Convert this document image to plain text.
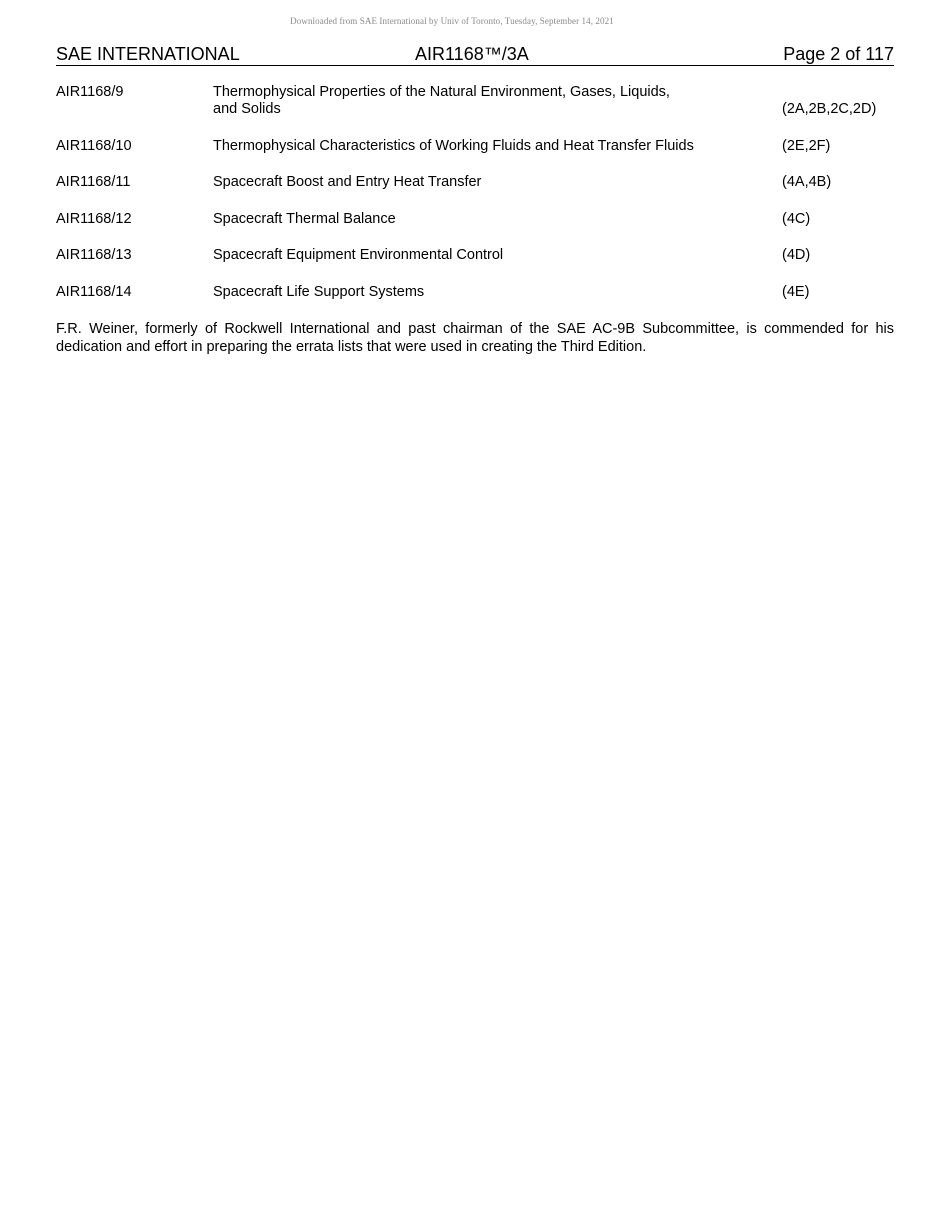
Downloaded from SAE International by Univ of Toronto, Tuesday, September 14, 2021
SAE INTERNATIONAL	AIR1168™/3A	Page 2 of 117
AIR1168/9	Thermophysical Properties of the Natural Environment, Gases, Liquids,
and Solids	(2A,2B,2C,2D)
AIR1168/10	Thermophysical Characteristics of Working Fluids and Heat Transfer Fluids	(2E,2F)
AIR1168/11	Spacecraft Boost and Entry Heat Transfer	(4A,4B)
AIR1168/12	Spacecraft Thermal Balance	(4C)
AIR1168/13	Spacecraft Equipment Environmental Control	(4D)
AIR1168/14	Spacecraft Life Support Systems	(4E)
F.R. Weiner, formerly of Rockwell International and past chairman of the SAE AC-9B Subcommittee, is commended for his
dedication and effort in preparing the errata lists that were used in creating the Third Edition.
